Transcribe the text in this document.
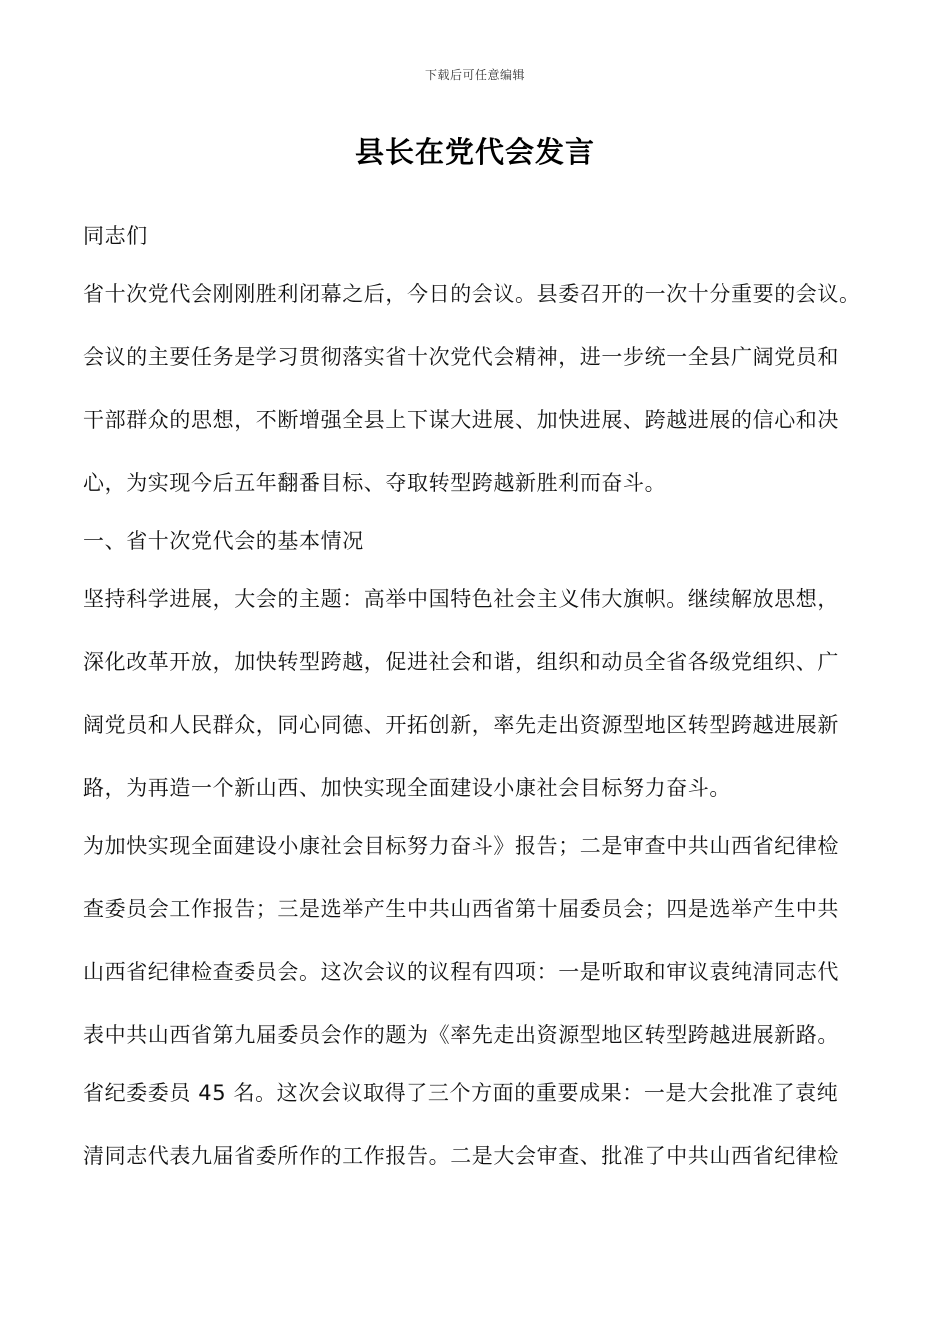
下载后可任意编辑
县长在党代会发言
同志们
省十次党代会刚刚胜利闭幕之后，今日的会议。县委召开的一次十分重要的会议。
会议的主要任务是学习贯彻落实省十次党代会精神，进一步统一全县广阔党员和
干部群众的思想，不断增强全县上下谋大进展、加快进展、跨越进展的信心和决
心，为实现今后五年翻番目标、夺取转型跨越新胜利而奋斗。
一、省十次党代会的基本情况
坚持科学进展，大会的主题：高举中国特色社会主义伟大旗帜。继续解放思想，
深化改革开放，加快转型跨越，促进社会和谐，组织和动员全省各级党组织、广
阔党员和人民群众，同心同德、开拓创新，率先走出资源型地区转型跨越进展新
路，为再造一个新山西、加快实现全面建设小康社会目标努力奋斗。
为加快实现全面建设小康社会目标努力奋斗》报告；二是审查中共山西省纪律检
查委员会工作报告；三是选举产生中共山西省第十届委员会；四是选举产生中共
山西省纪律检查委员会。这次会议的议程有四项：一是听取和审议袁纯清同志代
表中共山西省第九届委员会作的题为《率先走出资源型地区转型跨越进展新路。
省纪委委员 45 名。这次会议取得了三个方面的重要成果：一是大会批准了袁纯
清同志代表九届省委所作的工作报告。二是大会审查、批准了中共山西省纪律检
